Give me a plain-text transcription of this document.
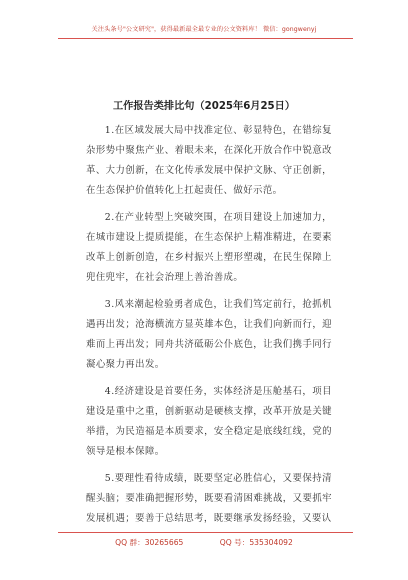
关注头条号"公文研究"，获得最新最全最专业的公文资料库！ 微信：gongwenyj
工作报告类排比句（2025年6月25日）

1.在区域发展大局中找准定位、彰显特色，在错综复杂形势中聚焦产业、着眼未来，在深化开放合作中锐意改革、大力创新，在文化传承发展中保护文脉、守正创新，在生态保护价值转化上扛起责任、做好示范。

2.在产业转型上突破突围，在项目建设上加速加力，在城市建设上提质提能，在生态保护上精准精进，在要素改革上创新创造，在乡村振兴上塑形塑魂，在民生保障上兜住兜牢，在社会治理上善治善成。

3.风来潮起检验勇者成色，让我们笃定前行，抢抓机遇再出发；沧海横流方显英雄本色，让我们向新而行，迎难而上再出发；同舟共济砥砺公仆底色，让我们携手同行凝心聚力再出发。

4.经济建设是首要任务，实体经济是压舱基石，项目建设是重中之重，创新驱动是硬核支撑，改革开放是关键举措，为民造福是本质要求，安全稳定是底线红线，党的领导是根本保障。

5.要理性看待成绩，既要坚定必胜信心，又要保持清醒头脑；要准确把握形势，既要看清困难挑战，又要抓牢发展机遇；要善于总结思考，既要继承发扬经验，又要认

QQ 群：30265665	QQ 号：535304092
